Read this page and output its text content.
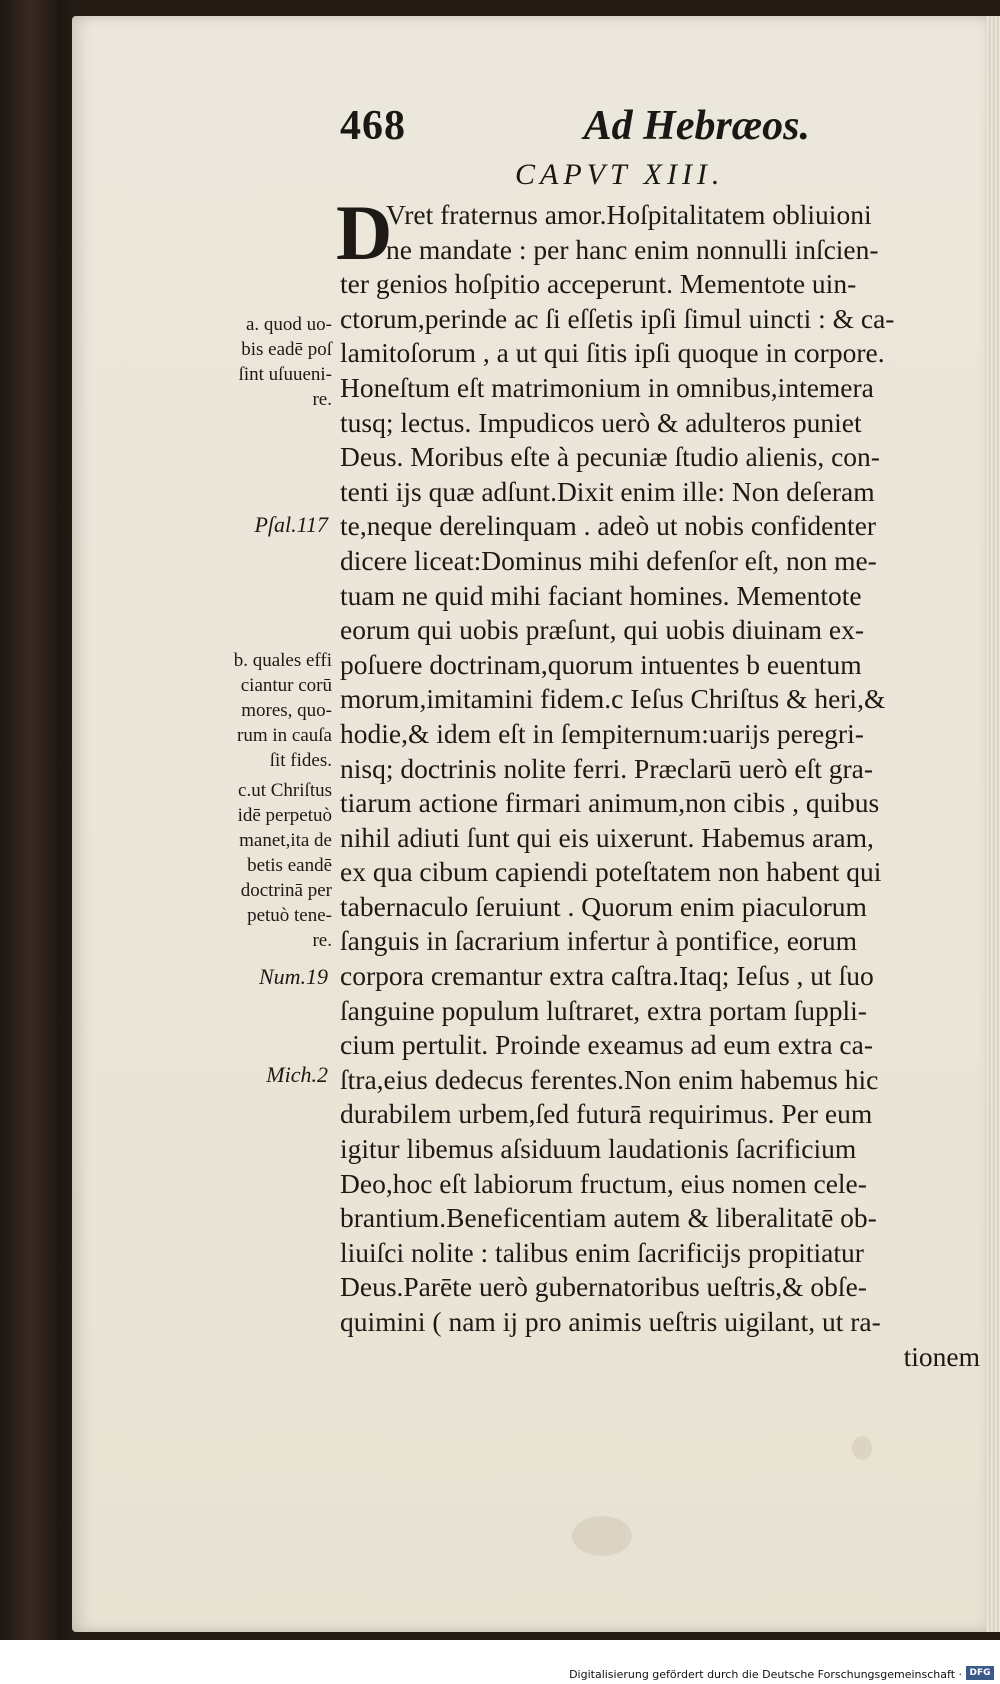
468	Ad Hebræos.
CAPVT XIII.
D
Vret fraternus amor.Hoſpitalitatem obliuioni
ne mandate : per hanc enim nonnulli inſcien-
ter genios hoſpitio acceperunt. Mementote uin-
ctorum,perinde ac ſi eſſetis ipſi ſimul uincti : & ca-
lamitoſorum , a ut qui ſitis ipſi quoque in corpore.
Honeſtum eſt matrimonium in omnibus,intemera
tusq; lectus. Impudicos uerò & adulteros puniet
Deus. Moribus eſte à pecuniæ ſtudio alienis, con-
tenti ijs quæ adſunt.Dixit enim ille: Non deſeram
te,neque derelinquam . adeò ut nobis confidenter
dicere liceat:Dominus mihi defenſor eſt, non me-
tuam ne quid mihi faciant homines. Mementote
eorum qui uobis præſunt, qui uobis diuinam ex-
poſuere doctrinam,quorum intuentes b euentum
morum,imitamini fidem.c Ieſus Chriſtus & heri,&
hodie,& idem eſt in ſempiternum:uarijs peregri-
nisq; doctrinis nolite ferri. Præclarū uerò eſt gra-
tiarum actione firmari animum,non cibis , quibus
nihil adiuti ſunt qui eis uixerunt. Habemus aram,
ex qua cibum capiendi poteſtatem non habent qui
tabernaculo ſeruiunt . Quorum enim piaculorum
ſanguis in ſacrarium infertur à pontifice, eorum
corpora cremantur extra caſtra.Itaq; Ieſus , ut ſuo
ſanguine populum luſtraret, extra portam ſuppli-
cium pertulit. Proinde exeamus ad eum extra ca-
ſtra,eius dedecus ferentes.Non enim habemus hic
durabilem urbem,ſed futurā requirimus. Per eum
igitur libemus aſsiduum laudationis ſacrificium
Deo,hoc eſt labiorum fructum, eius nomen cele-
brantium.Beneficentiam autem & liberalitatē ob-
liuiſci nolite : talibus enim ſacrificijs propitiatur
Deus.Parēte uerò gubernatoribus ueſtris,& obſe-
quimini ( nam ij pro animis ueſtris uigilant, ut ra-
tionem
a. quod uo-
bis eadē poſ
ſint uſuueni-
re.
Pſal.117
b. quales effi
ciantur corū
mores, quo-
rum in cauſa
ſit fides.
c.ut Chriſtus
idē perpetuò
manet,ita de
betis eandē
doctrinā per
petuò tene-
re.
Num.19
Mich.2
Digitalisierung gefördert durch die Deutsche Forschungsgemeinschaft · DFG
